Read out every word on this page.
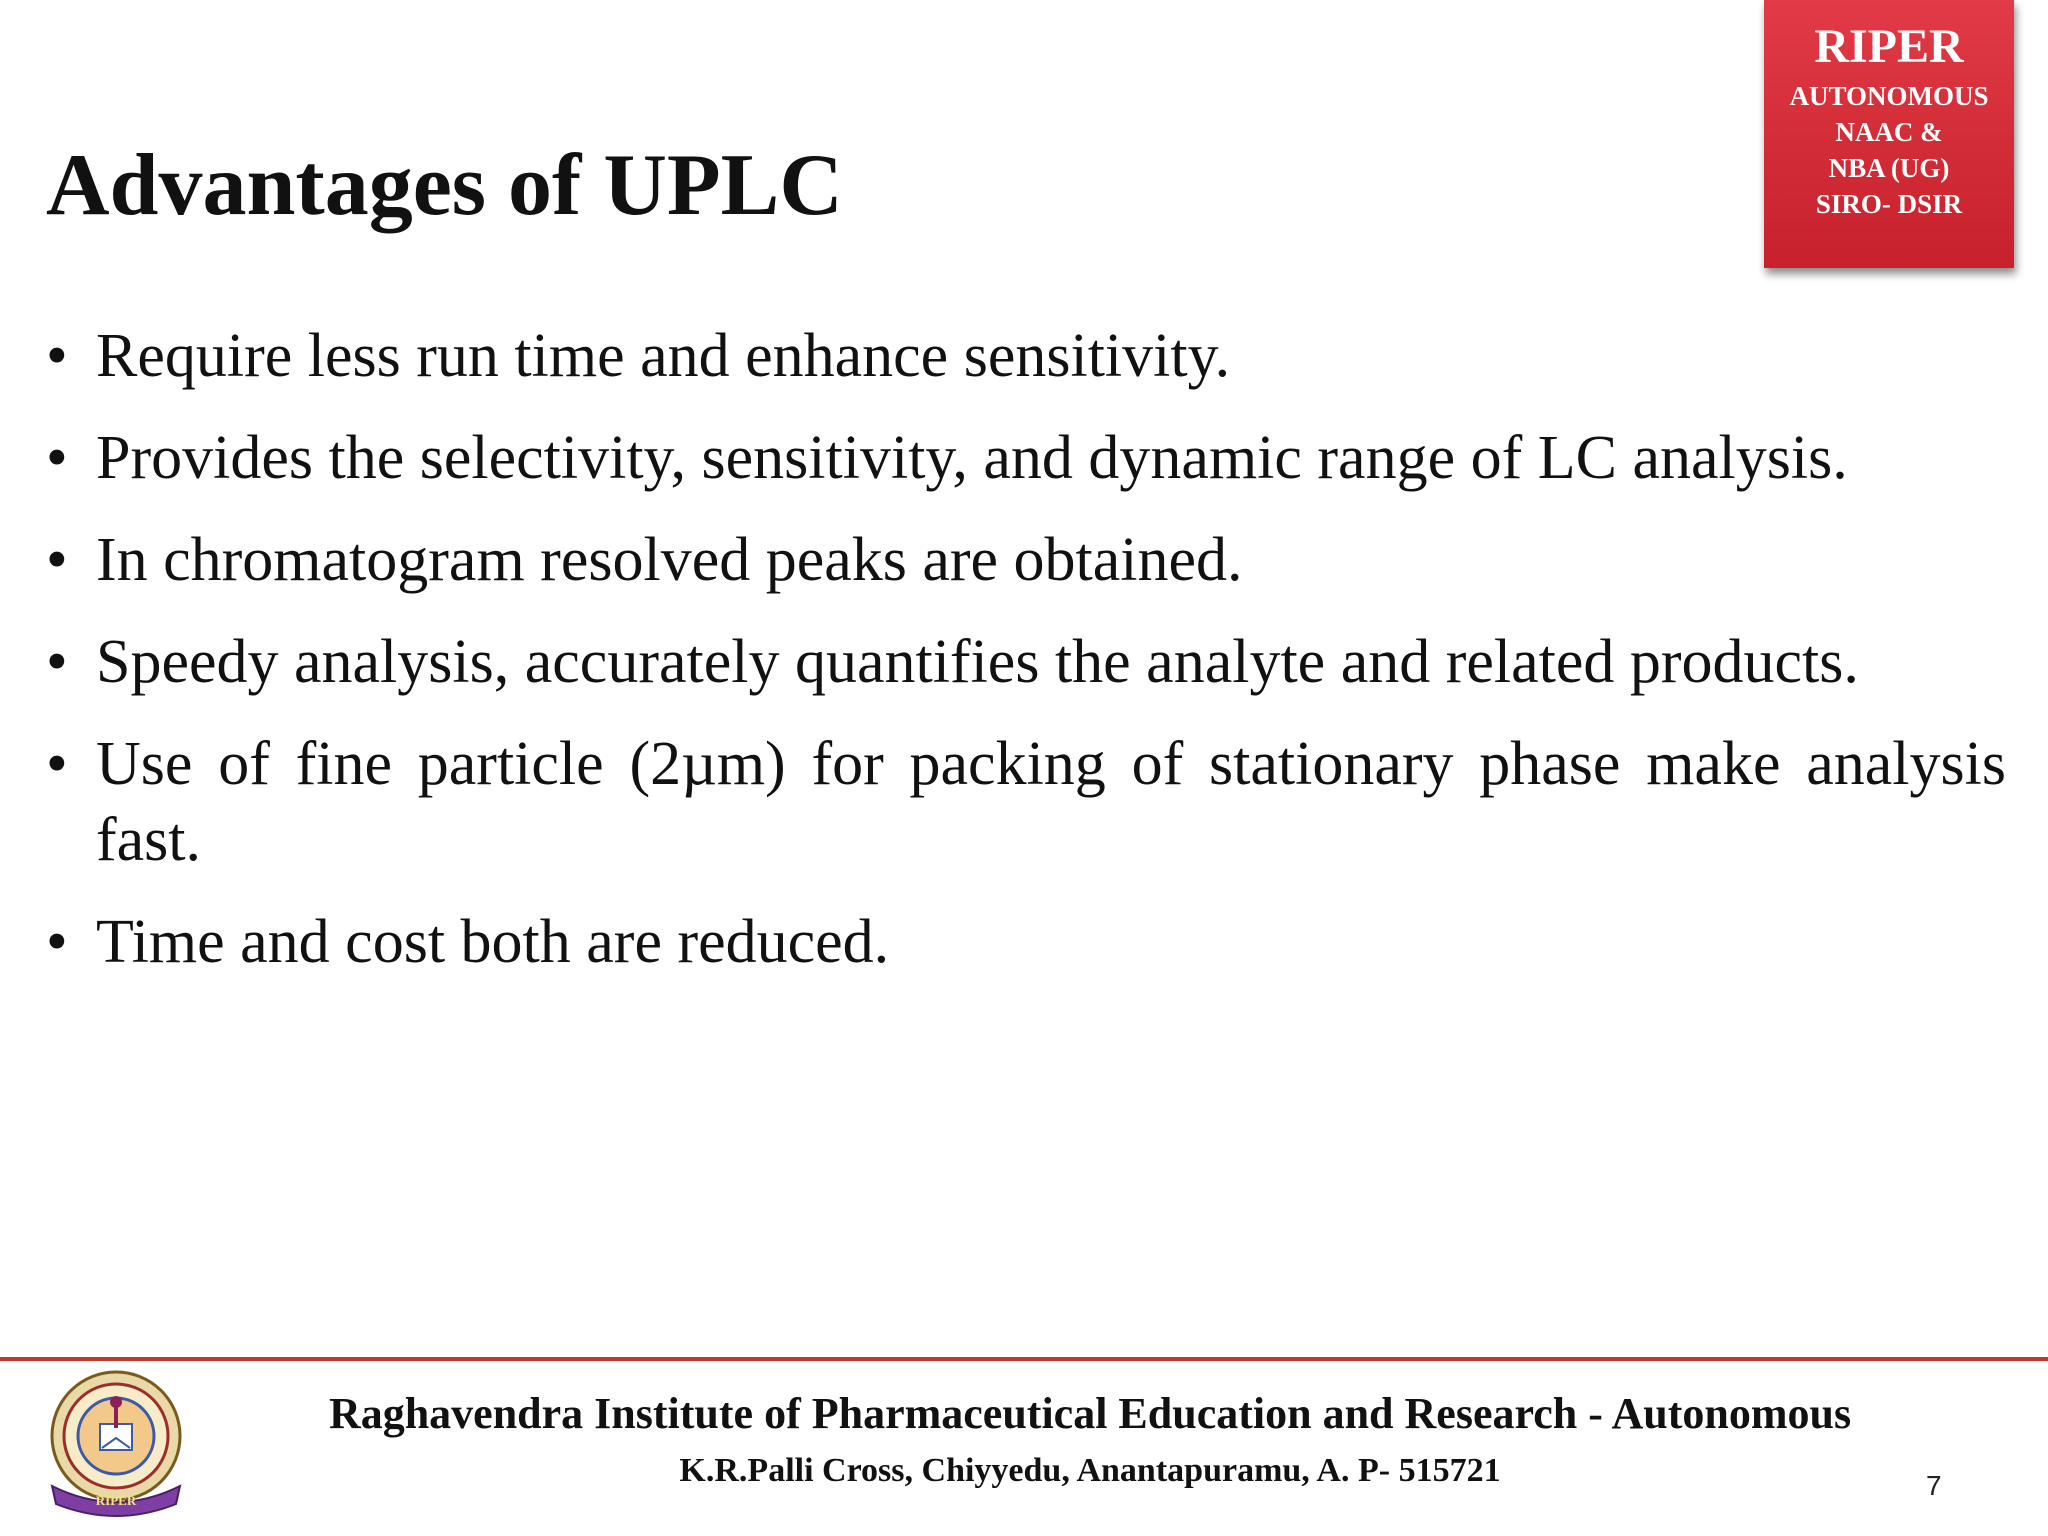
Advantages of UPLC
RIPER
AUTONOMOUS
NAAC &
NBA (UG)
SIRO- DSIR
• Require less run time and enhance sensitivity.
• Provides the selectivity, sensitivity, and dynamic range of LC analysis.
• In chromatogram resolved peaks are obtained.
• Speedy analysis, accurately quantifies the analyte and related products.
• Use of fine particle (2µm) for packing of stationary phase make analysis fast.
• Time and cost both are reduced.
RIPER
Raghavendra Institute of Pharmaceutical Education and Research - Autonomous
K.R.Palli Cross, Chiyyedu, Anantapuramu, A. P- 515721	7
